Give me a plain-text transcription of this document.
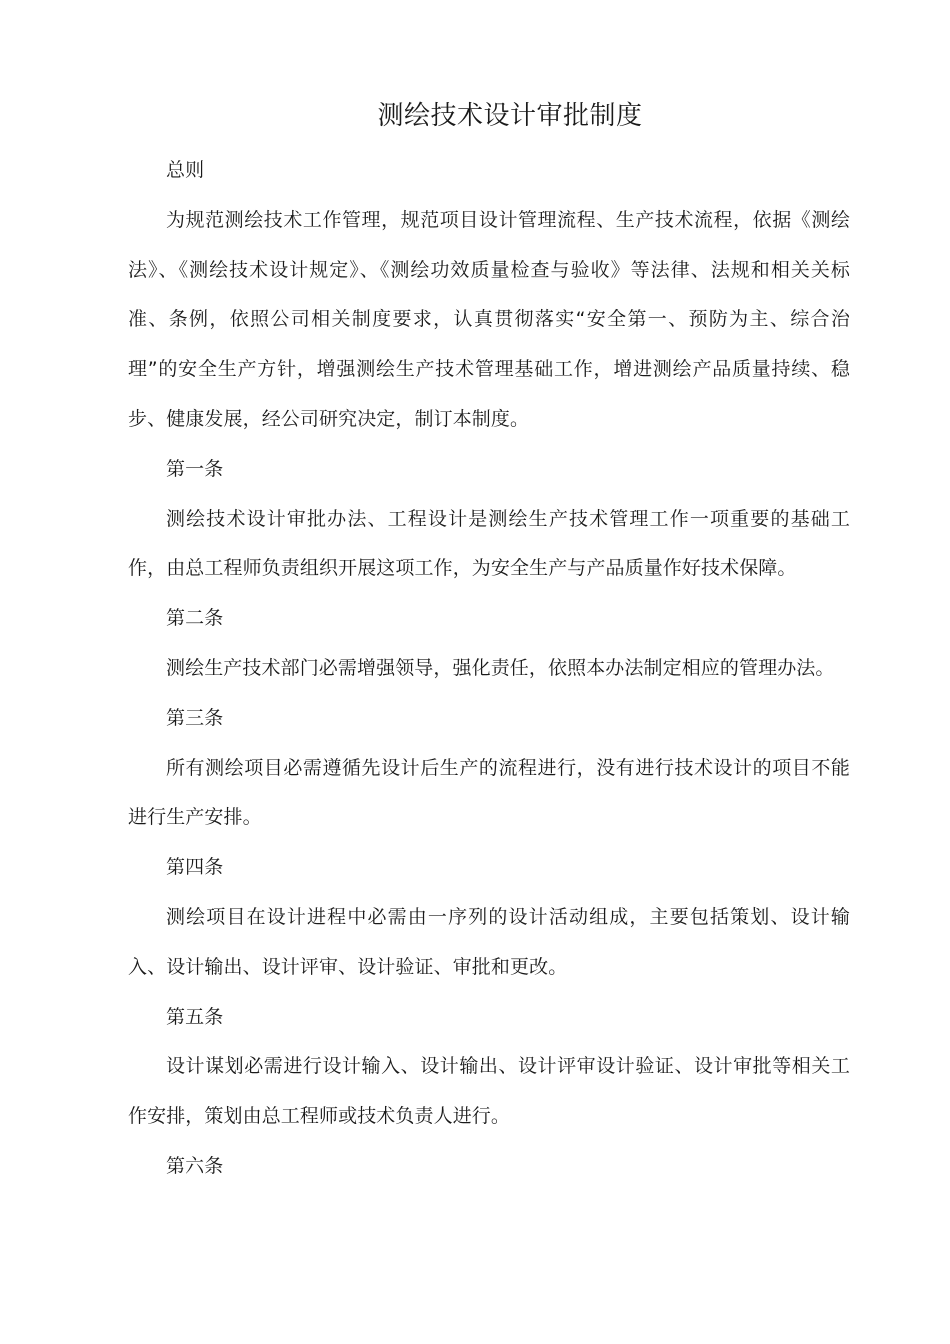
测绘技术设计审批制度

总则

为规范测绘技术工作管理，规范项目设计管理流程、生产技术流程，依据《测绘法》、《测绘技术设计规定》、《测绘功效质量检查与验收》等法律、法规和相关关标准、条例，依照公司相关制度要求，认真贯彻落实“安全第一、预防为主、综合治理”的安全生产方针，增强测绘生产技术管理基础工作，增进测绘产品质量持续、稳步、健康发展，经公司研究决定，制订本制度。

第一条

测绘技术设计审批办法、工程设计是测绘生产技术管理工作一项重要的基础工作，由总工程师负责组织开展这项工作，为安全生产与产品质量作好技术保障。

第二条

测绘生产技术部门必需增强领导，强化责任，依照本办法制定相应的管理办法。

第三条

所有测绘项目必需遵循先设计后生产的流程进行，没有进行技术设计的项目不能进行生产安排。

第四条

测绘项目在设计进程中必需由一序列的设计活动组成，主要包括策划、设计输入、设计输出、设计评审、设计验证、审批和更改。

第五条

设计谋划必需进行设计输入、设计输出、设计评审设计验证、设计审批等相关工作安排，策划由总工程师或技术负责人进行。

第六条
